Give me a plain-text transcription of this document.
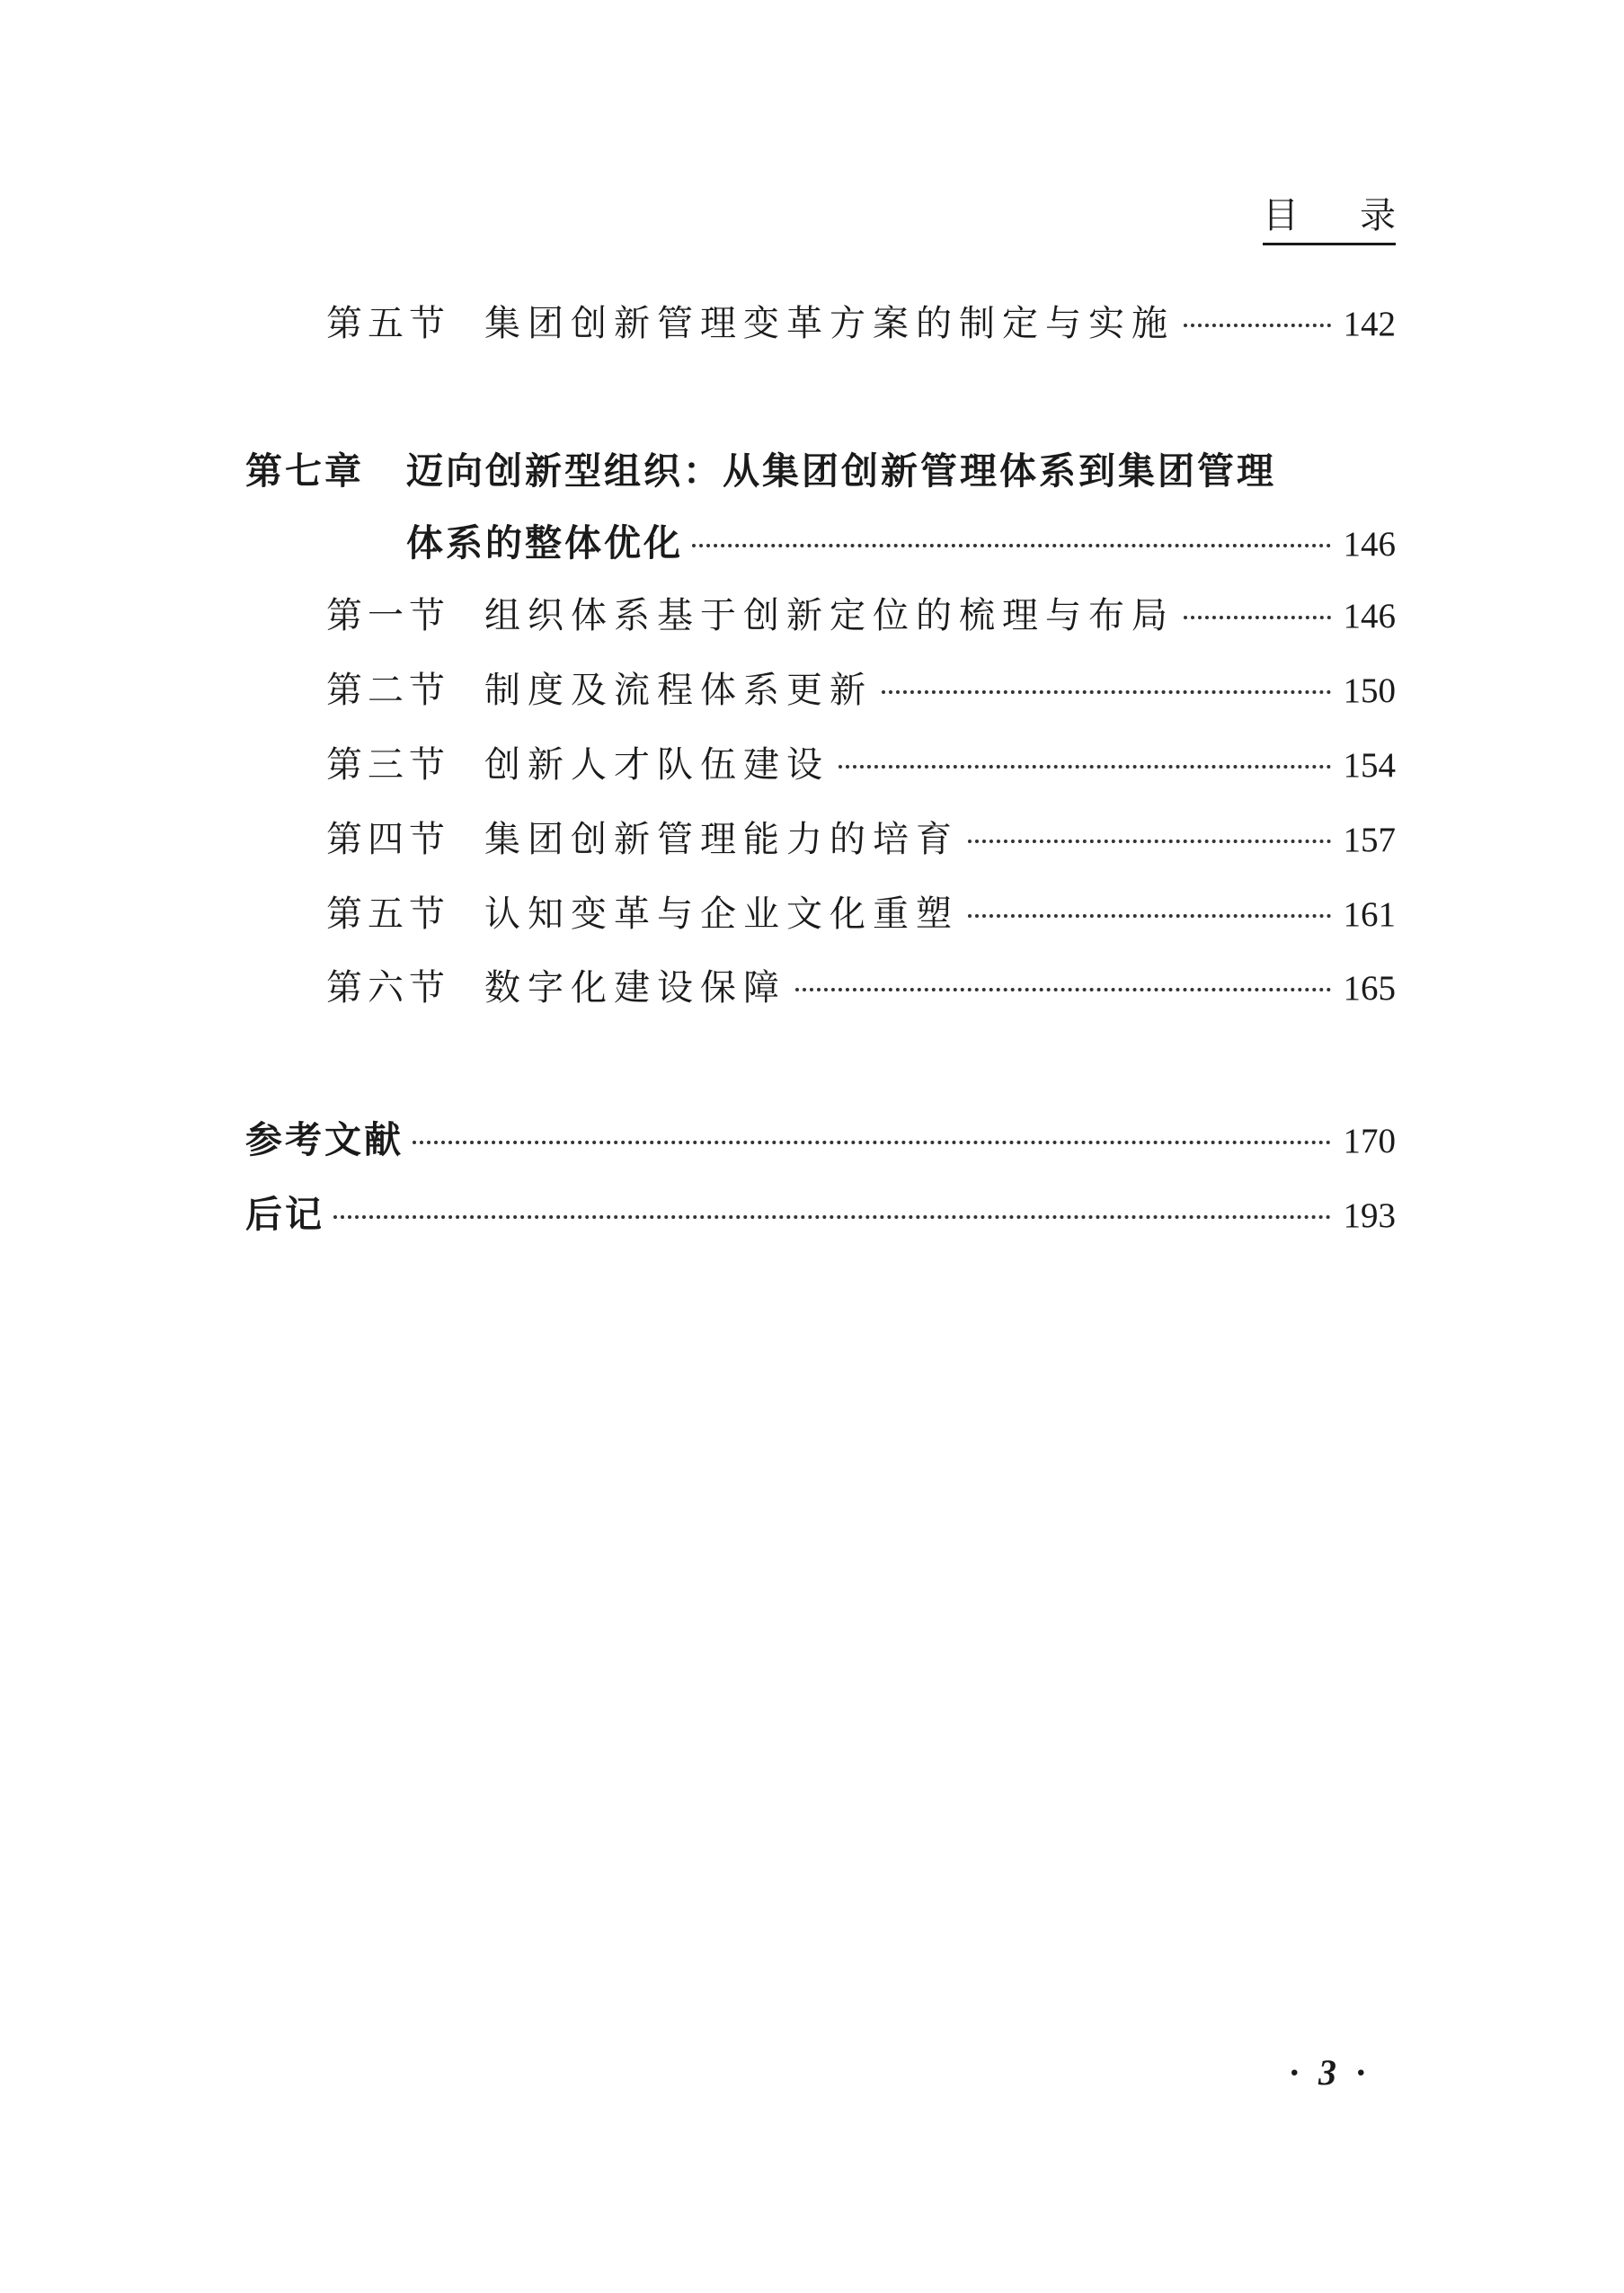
目 录
第五节 集团创新管理变革方案的制定与实施	142
第七章	迈向创新型组织：从集团创新管理体系到集团管理
体系的整体优化	146
第一节 组织体系基于创新定位的梳理与布局	146
第二节 制度及流程体系更新	150
第三节 创新人才队伍建设	154
第四节 集团创新管理能力的培育	157
第五节 认知变革与企业文化重塑	161
第六节 数字化建设保障	165
参考文献	170
后记	193
· 3 ·
